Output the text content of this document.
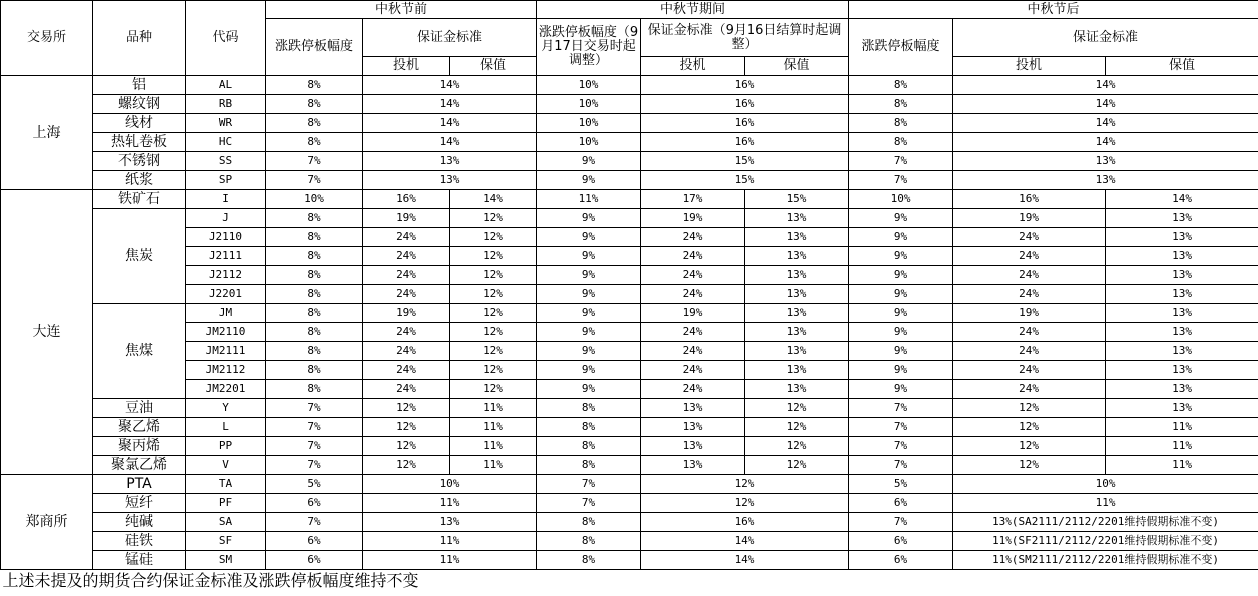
交易所	品种	代码	中秋节前			中秋节期间			中秋节后		
			涨跌停板幅度	保证金标准		涨跌停板幅度（9月17日交易时起调整）	保证金标准（9月16日结算时起调整）		涨跌停板幅度	保证金标准	
				投机	保值		投机	保值		投机	保值
上海	铝	AL	8%	14%		10%	16%		8%	14%	
	螺纹钢	RB	8%	14%		10%	16%		8%	14%	
	线材	WR	8%	14%		10%	16%		8%	14%	
	热轧卷板	HC	8%	14%		10%	16%		8%	14%	
	不锈钢	SS	7%	13%		9%	15%		7%	13%	
	纸浆	SP	7%	13%		9%	15%		7%	13%	
大连	铁矿石	I	10%	16%	14%	11%	17%	15%	10%	16%	14%
	焦炭	J	8%	19%	12%	9%	19%	13%	9%	19%	13%
		J2110	8%	24%	12%	9%	24%	13%	9%	24%	13%
		J2111	8%	24%	12%	9%	24%	13%	9%	24%	13%
		J2112	8%	24%	12%	9%	24%	13%	9%	24%	13%
		J2201	8%	24%	12%	9%	24%	13%	9%	24%	13%
	焦煤	JM	8%	19%	12%	9%	19%	13%	9%	19%	13%
		JM2110	8%	24%	12%	9%	24%	13%	9%	24%	13%
		JM2111	8%	24%	12%	9%	24%	13%	9%	24%	13%
		JM2112	8%	24%	12%	9%	24%	13%	9%	24%	13%
		JM2201	8%	24%	12%	9%	24%	13%	9%	24%	13%
	豆油	Y	7%	12%	11%	8%	13%	12%	7%	12%	13%
	聚乙烯	L	7%	12%	11%	8%	13%	12%	7%	12%	11%
	聚丙烯	PP	7%	12%	11%	8%	13%	12%	7%	12%	11%
	聚氯乙烯	V	7%	12%	11%	8%	13%	12%	7%	12%	11%
郑商所	PTA	TA	5%	10%		7%	12%		5%	10%	
	短纤	PF	6%	11%		7%	12%		6%	11%	
	纯碱	SA	7%	13%		8%	16%		7%	13%(SA2111/2112/2201维持假期标准不变)	
	硅铁	SF	6%	11%		8%	14%		6%	11%(SF2111/2112/2201维持假期标准不变)	
	锰硅	SM	6%	11%		8%	14%		6%	11%(SM2111/2112/2201维持假期标准不变)	
上述未提及的期货合约保证金标准及涨跌停板幅度维持不变											
